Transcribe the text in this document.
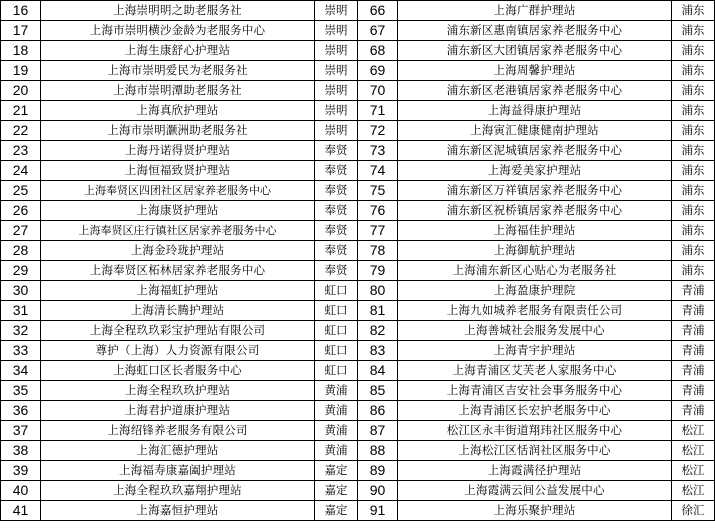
16	上海崇明明之助老服务社	崇明	66	上海广群护理站	浦东
17	上海市崇明横沙金龄为老服务中心	崇明	67	浦东新区惠南镇居家养老服务中心	浦东
18	上海生康舒心护理站	崇明	68	浦东新区大团镇居家养老服务中心	浦东
19	上海市崇明爱民为老服务社	崇明	69	上海周馨护理站	浦东
20	上海市崇明潭助老服务社	崇明	70	浦东新区老港镇居家养老服务中心	浦东
21	上海真欣护理站	崇明	71	上海益得康护理站	浦东
22	上海市崇明灏洲助老服务社	崇明	72	上海寅汇健康健南护理站	浦东
23	上海丹诺得贤护理站	奉贤	73	浦东新区泥城镇居家养老服务中心	浦东
24	上海恒福致贤护理站	奉贤	74	上海爱美家护理站	浦东
25	上海奉贤区四团社区居家养老服务中心	奉贤	75	浦东新区万祥镇居家养老服务中心	浦东
26	上海康贤护理站	奉贤	76	浦东新区祝桥镇居家养老服务中心	浦东
27	上海奉贤区庄行镇社区居家养老服务中心	奉贤	77	上海福佳护理站	浦东
28	上海金玲珑护理站	奉贤	78	上海御航护理站	浦东
29	上海奉贤区柘林居家养老服务中心	奉贤	79	上海浦东新区心贴心为老服务社	浦东
30	上海福虹护理站	虹口	80	上海盈康护理院	青浦
31	上海清长腾护理站	虹口	81	上海九如城养老服务有限责任公司	青浦
32	上海全程玖玖彩宝护理站有限公司	虹口	82	上海善城社会服务发展中心	青浦
33	尊护（上海）人力资源有限公司	虹口	83	上海青宇护理站	青浦
34	上海虹口区长者服务中心	虹口	84	上海青浦区艾芙老人家服务中心	青浦
35	上海全程玖玖护理站	黄浦	85	上海青浦区吉安社会事务服务中心	青浦
36	上海君护道康护理站	黄浦	86	上海青浦区长宏护老服务中心	青浦
37	上海绍锋养老服务有限公司	黄浦	87	松江区永丰街道翔玮社区服务中心	松江
38	上海汇德护理站	黄浦	88	上海松江区恬润社区服务中心	松江
39	上海福寿康嘉阖护理站	嘉定	89	上海霞满径护理站	松江
40	上海全程玖玖嘉翔护理站	嘉定	90	上海霞满云间公益发展中心	松江
41	上海嘉恒护理站	嘉定	91	上海乐聚护理站	徐汇
